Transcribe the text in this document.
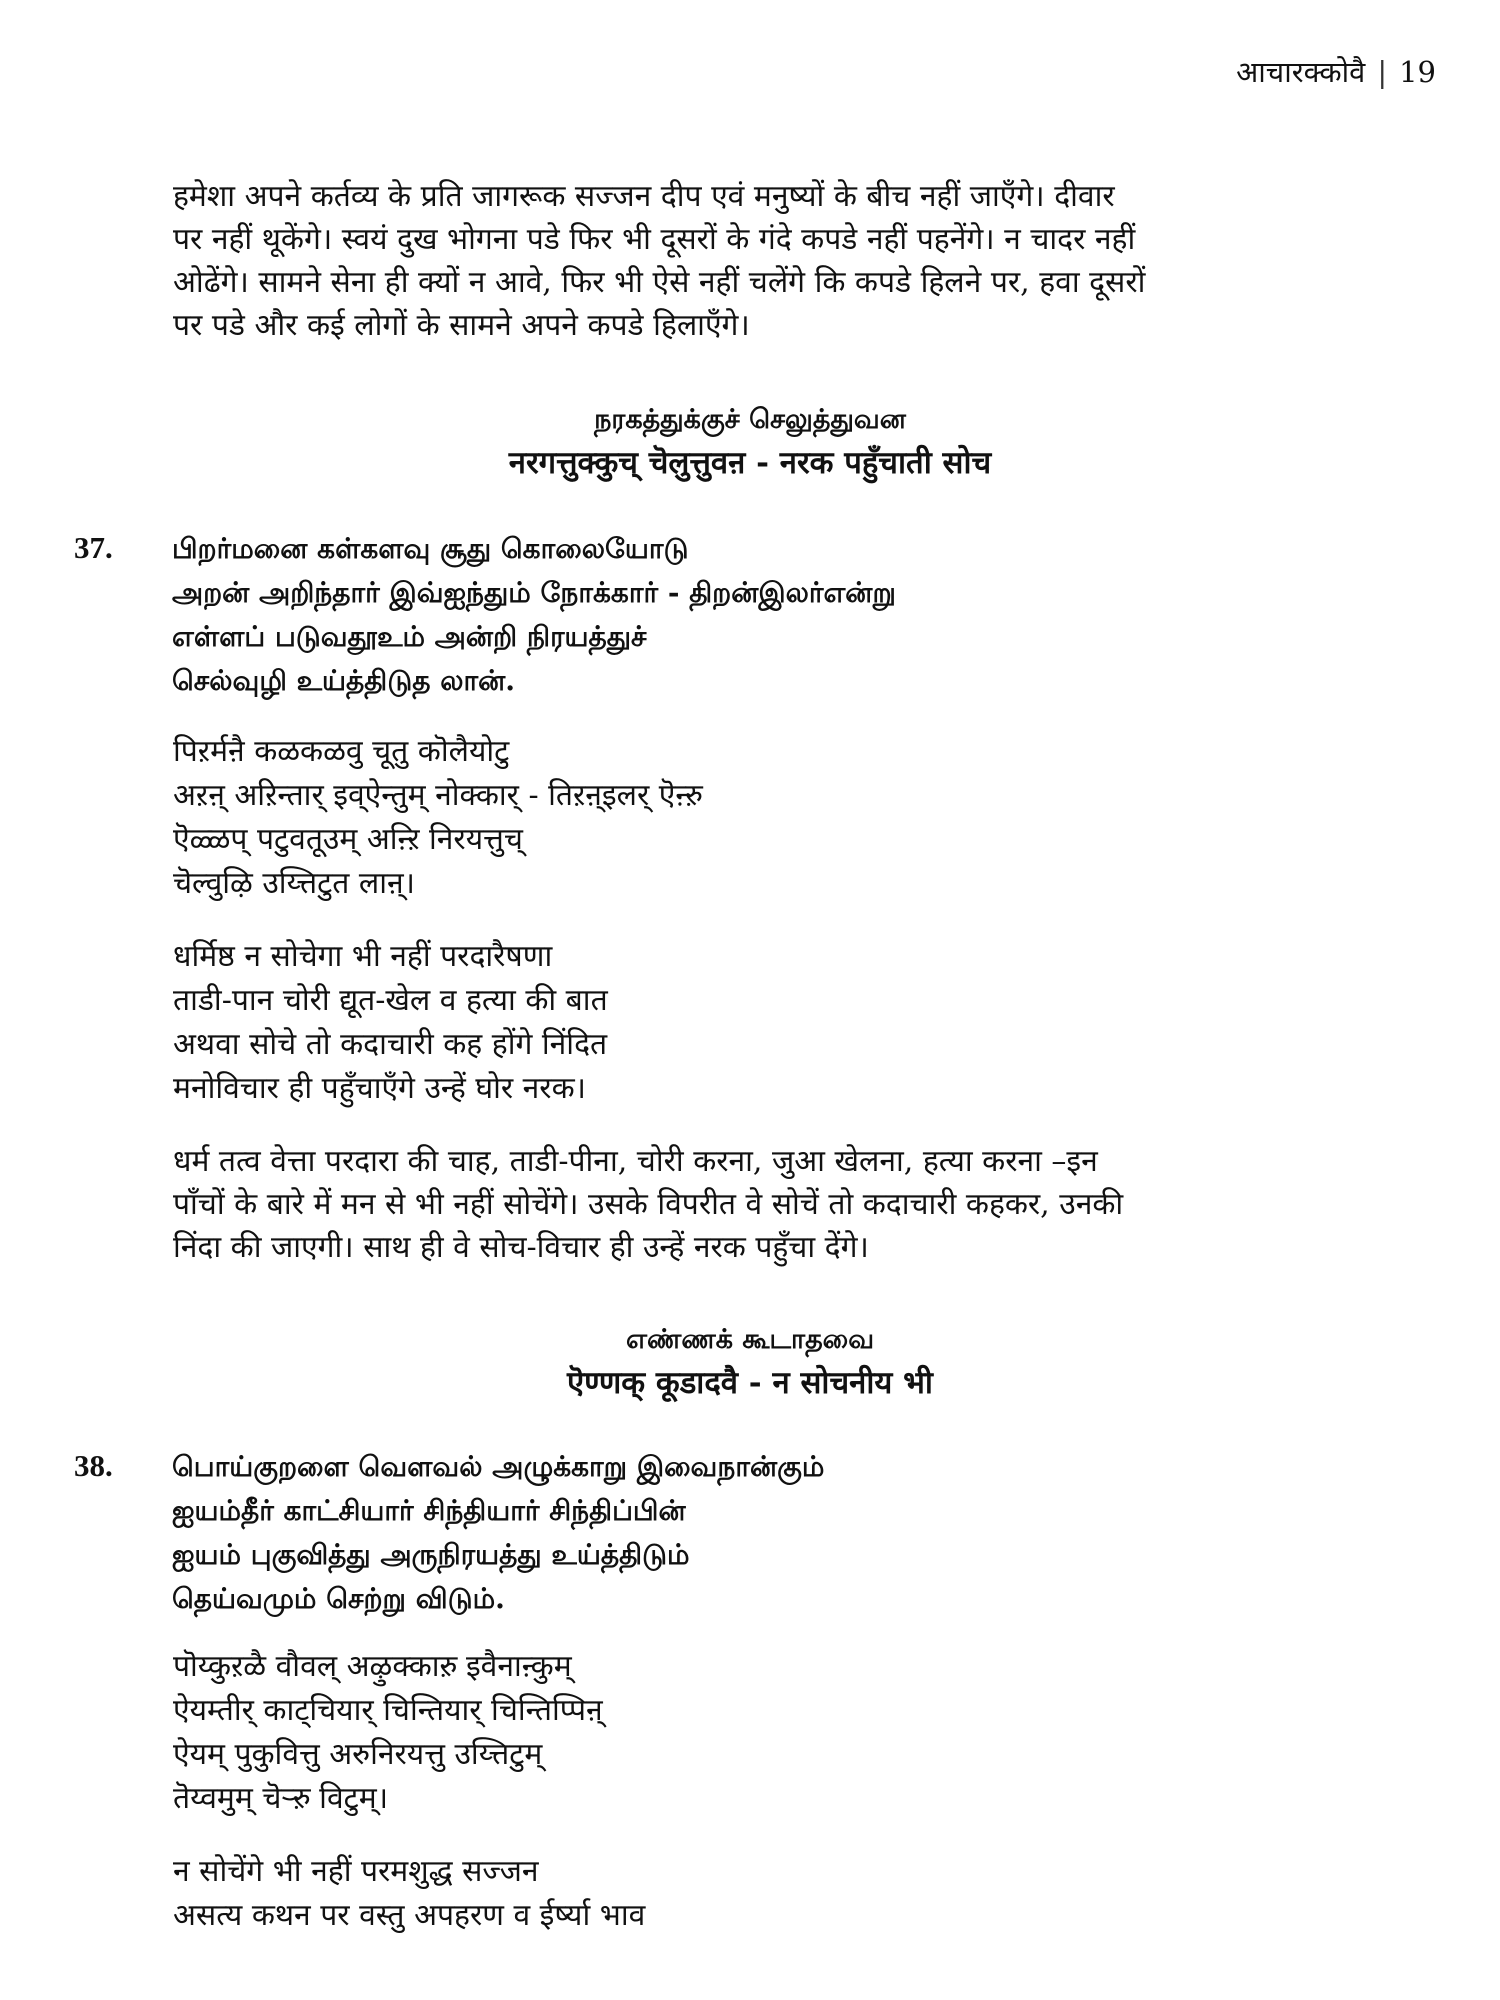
आचारक्कोवै | 19

हमेशा अपने कर्तव्य के प्रति जागरूक सज्जन दीप एवं मनुष्यों के बीच नहीं जाएँगे। दीवार
पर नहीं थूकेंगे। स्वयं दुख भोगना पडे फिर भी दूसरों के गंदे कपडे नहीं पहनेंगे। न चादर नहीं
ओढेंगे। सामने सेना ही क्यों न आवे, फिर भी ऐसे नहीं चलेंगे कि कपडे हिलने पर, हवा दूसरों
पर पडे और कई लोगों के सामने अपने कपडे हिलाएँगे।

நரகத்துக்குச் செலுத்துவன
नरगत्तुक्कुच् चॆलुत्तुवऩ - नरक पहुँचाती सोच
37. பிறர்மனை கள்களவு சூது கொலையோடு
அறன் அறிந்தார் இவ்ஐந்தும் நோக்கார் - திறன்இலர்என்று
எள்ளப் படுவதூஉம் அன்றி நிரயத்துச்
செல்வுழி உய்த்திடுத லான்.
पिऱर्मऩै कळकळवु चूतु कॊलैयोटु
अऱऩ् अऱिन्तार् इव्ऐन्तुम् नोक्कार् - तिऱऩ्इलर् ऎऩ्ऱु
ऎळ्ळप् पटुवतूउम् अऩ्ऱि निरयत्तुच्
चॆल्वुऴि उय्त्तिटुत लाऩ्।
धर्मिष्ठ न सोचेगा भी नहीं परदारैषणा
ताडी-पान चोरी द्यूत-खेल व हत्या की बात
अथवा सोचे तो कदाचारी कह होंगे निंदित
मनोविचार ही पहुँचाएँगे उन्हें घोर नरक।

धर्म तत्व वेत्ता परदारा की चाह, ताडी-पीना, चोरी करना, जुआ खेलना, हत्या करना –इन
पाँचों के बारे में मन से भी नहीं सोचेंगे। उसके विपरीत वे सोचें तो कदाचारी कहकर, उनकी
निंदा की जाएगी। साथ ही वे सोच-विचार ही उन्हें नरक पहुँचा देंगे।

எண்ணக் கூடாதவை
ऎण्णक् कूडादवै - न सोचनीय भी
38. பொய்குறளை வெளவல் அழுக்காறு இவைநான்கும்
ஐயம்தீர் காட்சியார் சிந்தியார் சிந்திப்பின்
ஐயம் புகுவித்து அருநிரயத்து உய்த்திடும்
தெய்வமும் செற்று விடும்.
पॊय्कुऱळै वौवल् अऴुक्काऱु इवैनाऩ्कुम्
ऐयम्तीर् काट्चियार् चिन्तियार् चिन्तिप्पिऩ्
ऐयम् पुकुवित्तु अरुनिरयत्तु उय्त्तिटुम्
तॆय्वमुम् चॆऱ्ऱु विटुम्।
न सोचेंगे भी नहीं परमशुद्ध सज्जन
असत्य कथन पर वस्तु अपहरण व ईर्ष्या भाव
